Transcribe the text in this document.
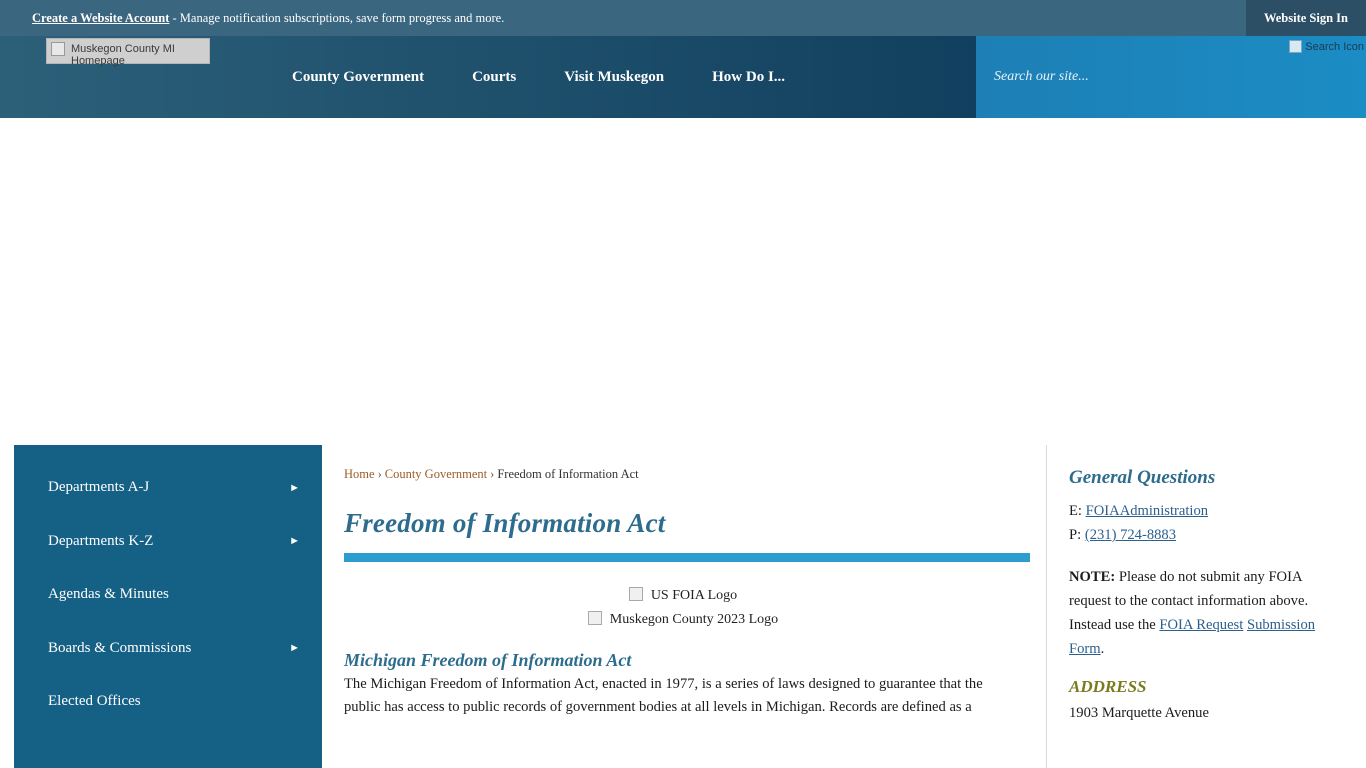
Create a Website Account - Manage notification subscriptions, save form progress and more.	Website Sign In
Muskegon County MI Homepage
County Government	Courts	Visit Muskegon	How Do I...	Search our site...
Search Icon
Departments A-J	►
Departments K-Z	►
Agendas & Minutes
Boards & Commissions	►
Elected Offices
Home › County Government › Freedom of Information Act
Freedom of Information Act
US FOIA Logo
Muskegon County 2023 Logo
Michigan Freedom of Information Act
The Michigan Freedom of Information Act, enacted in 1977, is a series of laws designed to guarantee that the public has access to public records of government bodies at all levels in Michigan. Records are defined as a
General Questions
E: FOIAAdministration
P: (231) 724-8883
NOTE: Please do not submit any FOIA request to the contact information above. Instead use the FOIA Request Submission Form.
ADDRESS
1903 Marquette Avenue
